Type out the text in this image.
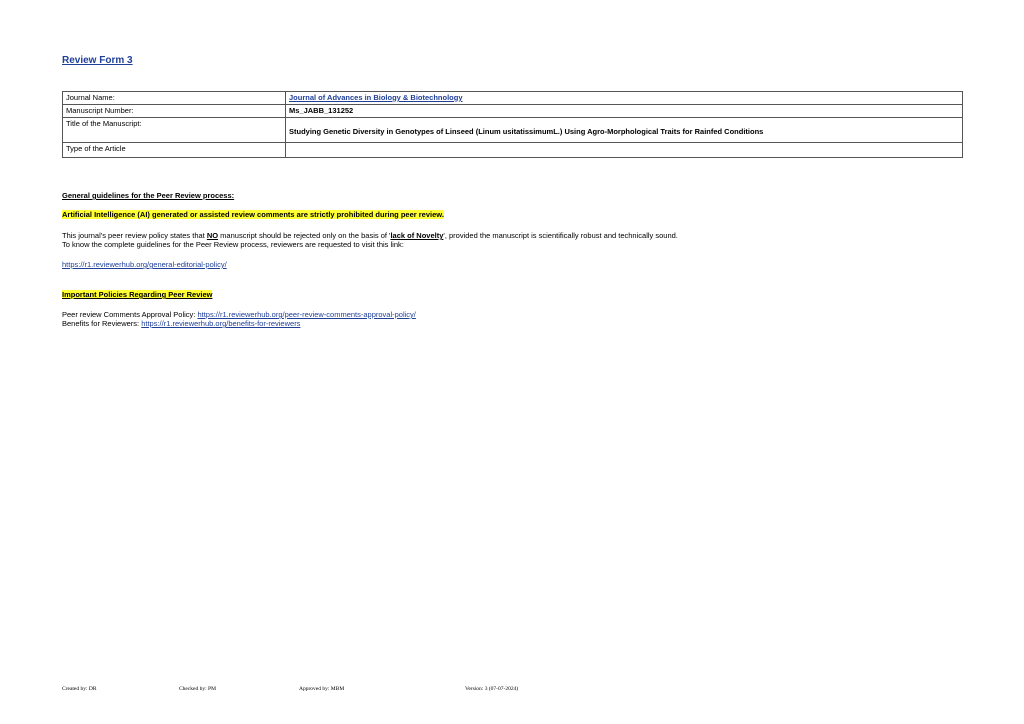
Review Form 3
Journal Name:	Journal of Advances in Biology & Biotechnology
Manuscript Number:	Ms_JABB_131252
Title of the Manuscript:	Studying Genetic Diversity in Genotypes of Linseed (Linum usitatissimumL.) Using Agro-Morphological Traits for Rainfed Conditions
Type of the Article	
General guidelines for the Peer Review process:
Artificial Intelligence (AI) generated or assisted review comments are strictly prohibited during peer review.
This journal's peer review policy states that NO manuscript should be rejected only on the basis of 'lack of Novelty', provided the manuscript is scientifically robust and technically sound.
To know the complete guidelines for the Peer Review process, reviewers are requested to visit this link:
https://r1.reviewerhub.org/general-editorial-policy/
Important Policies Regarding Peer Review
Peer review Comments Approval Policy: https://r1.reviewerhub.org/peer-review-comments-approval-policy/
Benefits for Reviewers: https://r1.reviewerhub.org/benefits-for-reviewers
Created by: DR	Checked by: PM	Approved by: MBM	Version: 3 (07-07-2024)
